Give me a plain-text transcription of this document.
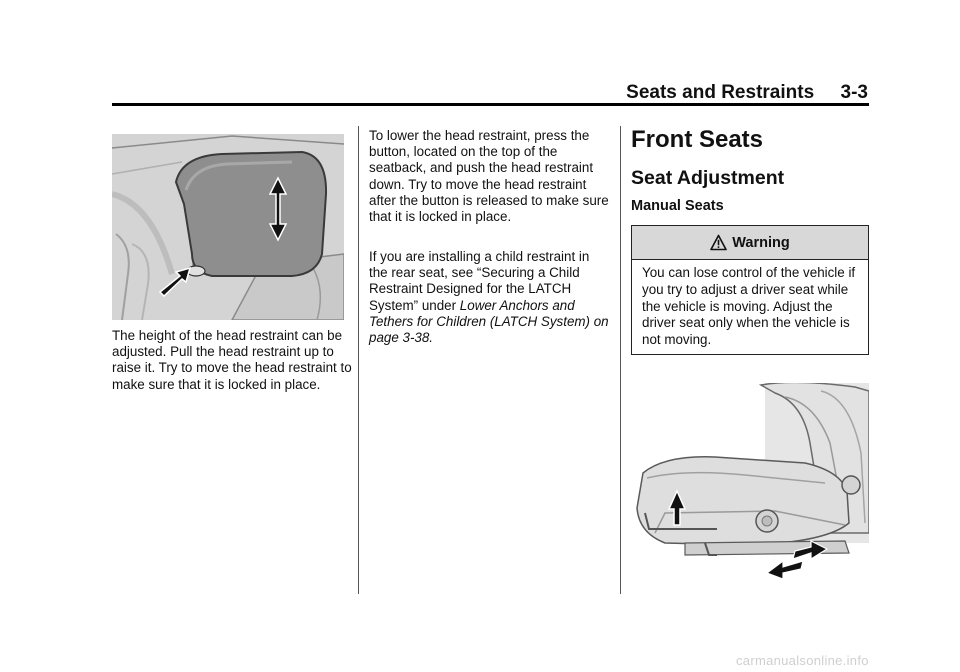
Seats and Restraints     3-3
The height of the head restraint can be adjusted. Pull the head restraint up to raise it. Try to move the head restraint to make sure that it is locked in place.
To lower the head restraint, press the button, located on the top of the seatback, and push the head restraint down. Try to move the head restraint after the button is released to make sure that it is locked in place.
If you are installing a child restraint in the rear seat, see “Securing a Child Restraint Designed for the LATCH System” under Lower Anchors and Tethers for Children (LATCH System) on page 3-38.
Front Seats
Seat Adjustment
Manual Seats
Warning
You can lose control of the vehicle if you try to adjust a driver seat while the vehicle is moving. Adjust the driver seat only when the vehicle is not moving.
carmanualsonline.info
